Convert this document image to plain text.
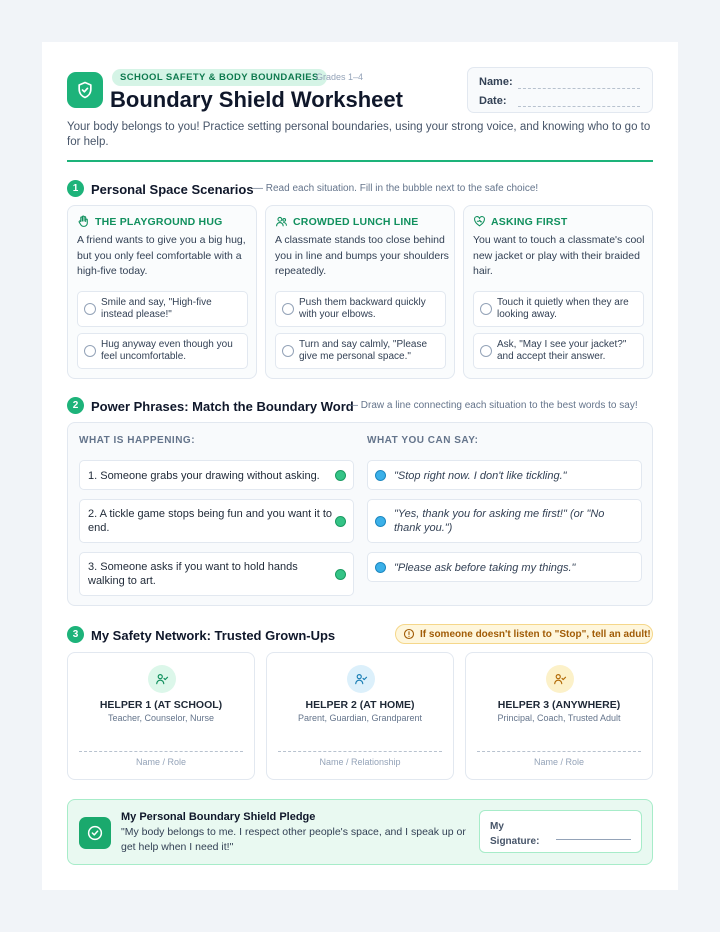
SCHOOL SAFETY & BODY BOUNDARIES
Grades 1–4
Boundary Shield Worksheet
Name:
Date:
Your body belongs to you! Practice setting personal boundaries, using your strong voice, and knowing who to go to for help.
1 Personal Space Scenarios — Read each situation. Fill in the bubble next to the safe choice!
THE PLAYGROUND HUG
A friend wants to give you a big hug, but you only feel comfortable with a high-five today.
Smile and say, "High-five instead please!"
Hug anyway even though you feel uncomfortable.
CROWDED LUNCH LINE
A classmate stands too close behind you in line and bumps your shoulders repeatedly.
Push them backward quickly with your elbows.
Turn and say calmly, "Please give me personal space."
ASKING FIRST
You want to touch a classmate's cool new jacket or play with their braided hair.
Touch it quietly when they are looking away.
Ask, "May I see your jacket?" and accept their answer.
2 Power Phrases: Match the Boundary Word
— Draw a line connecting each situation to the best words to say!
WHAT IS HAPPENING:	WHAT YOU CAN SAY:
1. Someone grabs your drawing without asking.
2. A tickle game stops being fun and you want it to end.
3. Someone asks if you want to hold hands walking to art.
"Stop right now. I don't like tickling."
"Yes, thank you for asking me first!" (or "No thank you.")
"Please ask before taking my things."
3 My Safety Network: Trusted Grown-Ups	If someone doesn't listen to "Stop", tell an adult!
HELPER 1 (AT SCHOOL)
Teacher, Counselor, Nurse
Name / Role
HELPER 2 (AT HOME)
Parent, Guardian, Grandparent
Name / Relationship
HELPER 3 (ANYWHERE)
Principal, Coach, Trusted Adult
Name / Role
My Personal Boundary Shield Pledge
"My body belongs to me. I respect other people's space, and I speak up or get help when I need it!"
My Signature:
